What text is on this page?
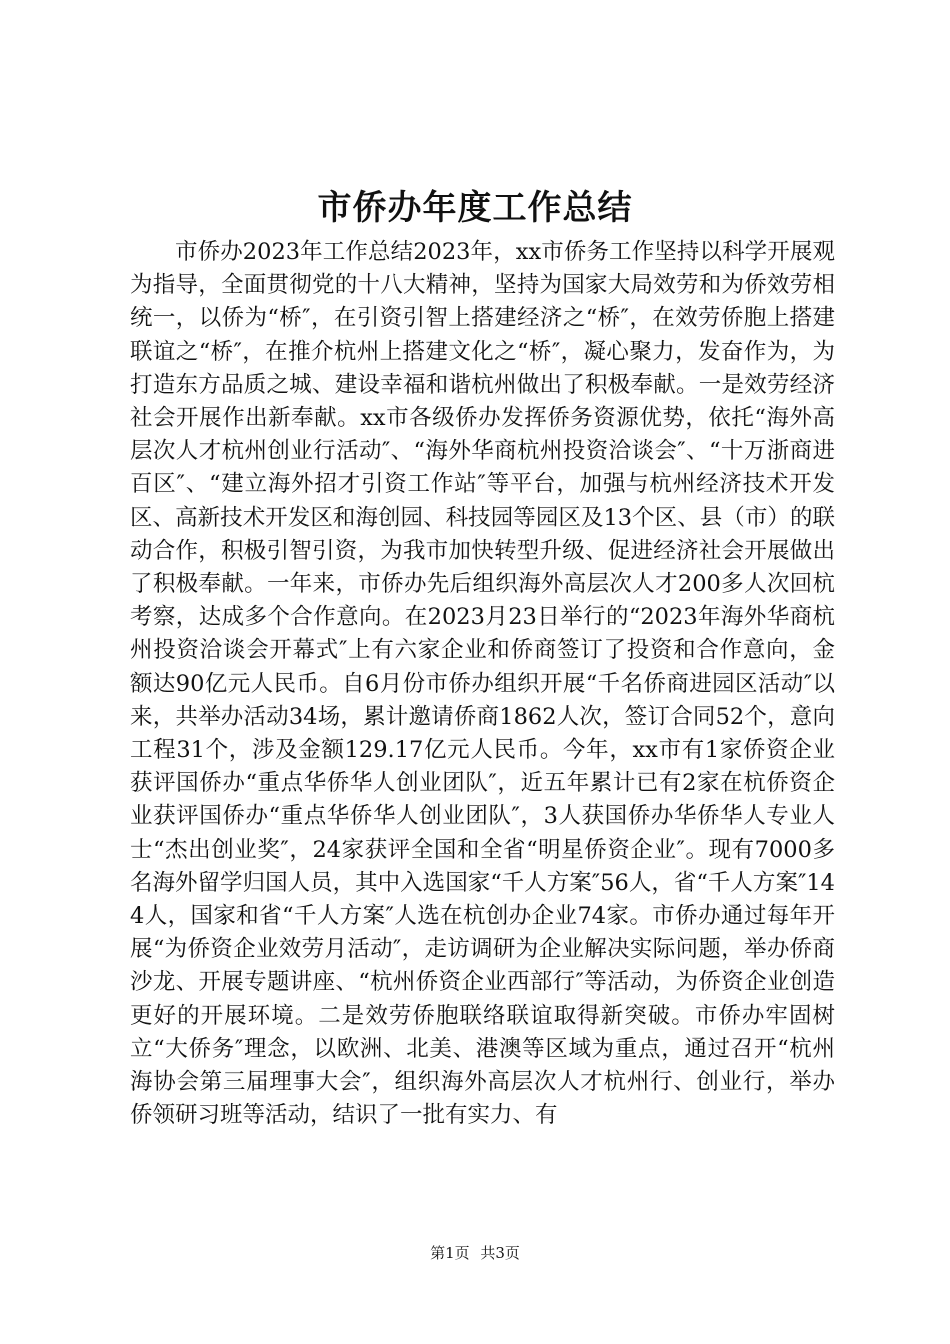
市侨办年度工作总结

市侨办2023年工作总结2023年，xx市侨务工作坚持以科学开展观为指导，全面贯彻党的十八大精神，坚持为国家大局效劳和为侨效劳相统一，以侨为“桥″，在引资引智上搭建经济之“桥″，在效劳侨胞上搭建联谊之“桥″，在推介杭州上搭建文化之“桥″，凝心聚力，发奋作为，为打造东方品质之城、建设幸福和谐杭州做出了积极奉献。一是效劳经济社会开展作出新奉献。xx市各级侨办发挥侨务资源优势，依托“海外高层次人才杭州创业行活动″、“海外华商杭州投资洽谈会″、“十万浙商进百区″、“建立海外招才引资工作站″等平台，加强与杭州经济技术开发区、高新技术开发区和海创园、科技园等园区及13个区、县（市）的联动合作，积极引智引资，为我市加快转型升级、促进经济社会开展做出了积极奉献。一年来，市侨办先后组织海外高层次人才200多人次回杭考察，达成多个合作意向。在2023月23日举行的“2023年海外华商杭州投资洽谈会开幕式″上有六家企业和侨商签订了投资和合作意向，金额达90亿元人民币。自6月份市侨办组织开展“千名侨商进园区活动″以来，共举办活动34场，累计邀请侨商1862人次，签订合同52个，意向工程31个，涉及金额129.17亿元人民币。今年，xx市有1家侨资企业获评国侨办“重点华侨华人创业团队″，近五年累计已有2家在杭侨资企业获评国侨办“重点华侨华人创业团队″，3人获国侨办华侨华人专业人士“杰出创业奖″，24家获评全国和全省“明星侨资企业″。现有7000多名海外留学归国人员，其中入选国家“千人方案″56人，省“千人方案″144人，国家和省“千人方案″人选在杭创办企业74家。市侨办通过每年开展“为侨资企业效劳月活动″，走访调研为企业解决实际问题，举办侨商沙龙、开展专题讲座、“杭州侨资企业西部行″等活动，为侨资企业创造更好的开展环境。二是效劳侨胞联络联谊取得新突破。市侨办牢固树立“大侨务″理念，以欧洲、北美、港澳等区域为重点，通过召开“杭州海协会第三届理事大会″，组织海外高层次人才杭州行、创业行，举办侨领研习班等活动，结识了一批有实力、有

第1页 共3页
